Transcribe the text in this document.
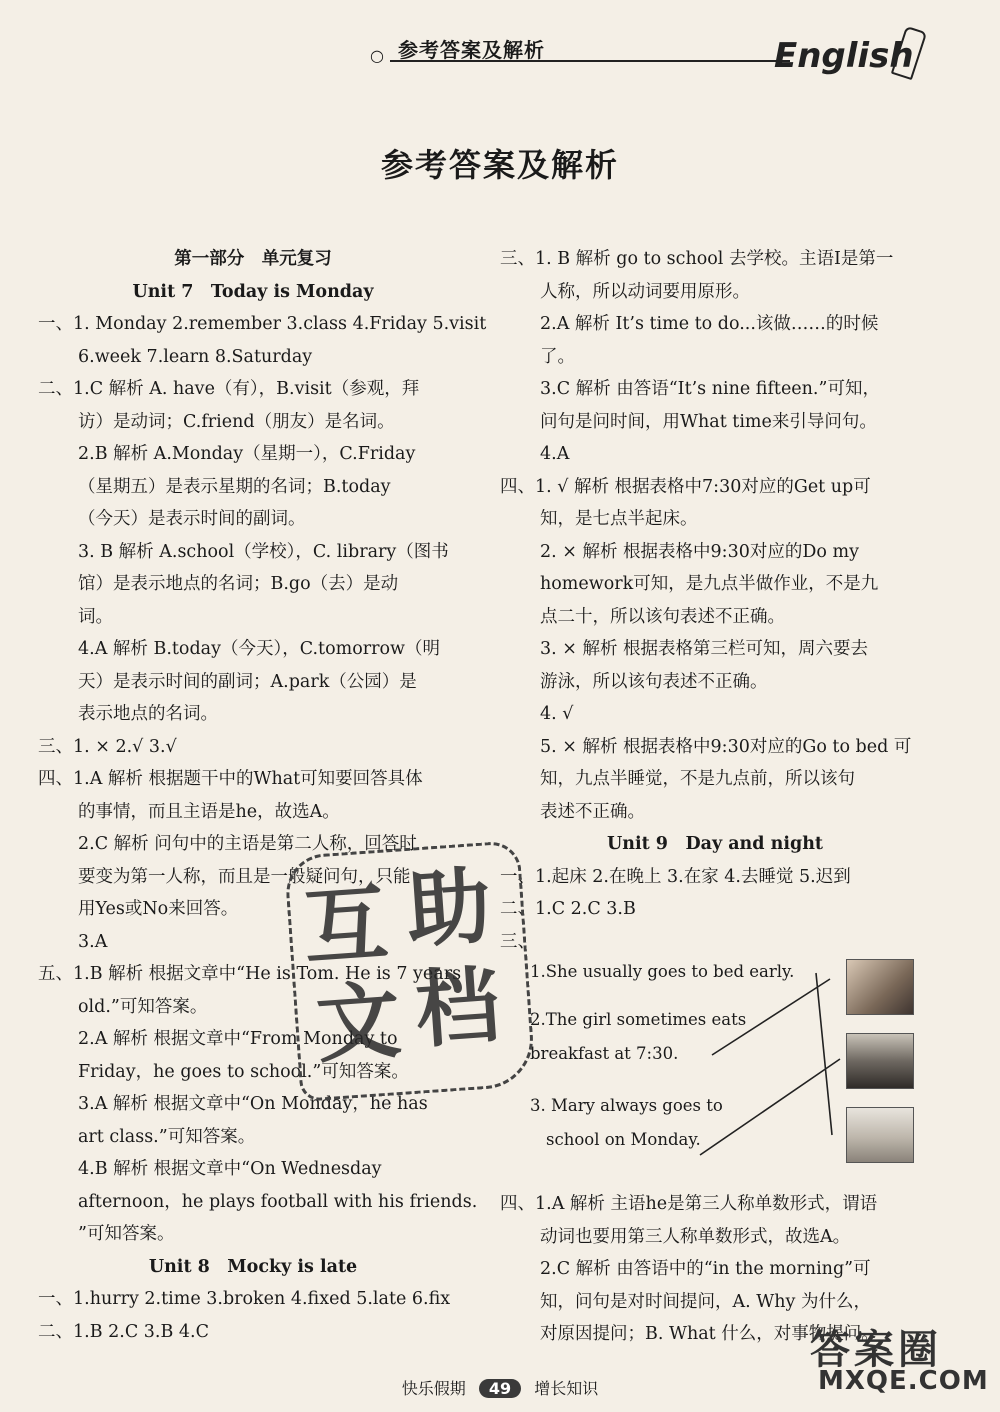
○ 参考答案及解析	English
参考答案及解析

第一部分　单元复习

Unit 7　Today is Monday

一、1. Monday 2.remember 3.class 4.Friday 5.visit

6.week 7.learn 8.Saturday

二、1.C 解析 A. have（有），B.visit（参观，拜

访）是动词；C.friend（朋友）是名词。

2.B 解析 A.Monday（星期一），C.Friday

（星期五）是表示星期的名词；B.today

（今天）是表示时间的副词。

3. B 解析 A.school（学校），C. library（图书

馆）是表示地点的名词；B.go（去）是动

词。

4.A 解析 B.today（今天），C.tomorrow（明

天）是表示时间的副词；A.park（公园）是

表示地点的名词。

三、1. × 2.√ 3.√

四、1.A 解析 根据题干中的What可知要回答具体

的事情，而且主语是he，故选A。

2.C 解析 问句中的主语是第二人称，回答时

要变为第一人称，而且是一般疑问句，只能

用Yes或No来回答。

3.A

五、1.B 解析 根据文章中“He is Tom. He is 7 years

old.”可知答案。

2.A 解析 根据文章中“From Monday to

Friday，he goes to school.”可知答案。

3.A 解析 根据文章中“On Monday，he has

art class.”可知答案。

4.B 解析 根据文章中“On Wednesday

afternoon，he plays football with his friends.

”可知答案。

Unit 8　Mocky is late

一、1.hurry 2.time 3.broken 4.fixed 5.late 6.fix

二、1.B 2.C 3.B 4.C

三、1. B 解析 go to school 去学校。主语I是第一

人称，所以动词要用原形。

2.A 解析 It’s time to do...该做……的时候

了。

3.C 解析 由答语“It’s nine fifteen.”可知，

问句是问时间，用What time来引导问句。

4.A

四、1. √ 解析 根据表格中7:30对应的Get up可

知，是七点半起床。

2. × 解析 根据表格中9:30对应的Do my

homework可知，是九点半做作业，不是九

点二十，所以该句表述不正确。

3. × 解析 根据表格第三栏可知，周六要去

游泳，所以该句表述不正确。

4. √

5. × 解析 根据表格中9:30对应的Go to bed 可

知，九点半睡觉，不是九点前，所以该句

表述不正确。

Unit 9　Day and night

一、1.起床 2.在晚上 3.在家 4.去睡觉 5.迟到

二、1.C 2.C 3.B

三、

1.She usually goes to bed early.

2.The girl sometimes eats

breakfast at 7:30.

3. Mary always goes to

school on Monday.

四、1.A 解析 主语he是第三人称单数形式，谓语

动词也要用第三人称单数形式，故选A。

2.C 解析 由答语中的“in the morning”可

知，问句是对时间提问，A. Why 为什么，

对原因提问；B. What 什么，对事物提问。

互 助
文 档
答案圈
MXQE.COM
快乐假期 49 增长知识
